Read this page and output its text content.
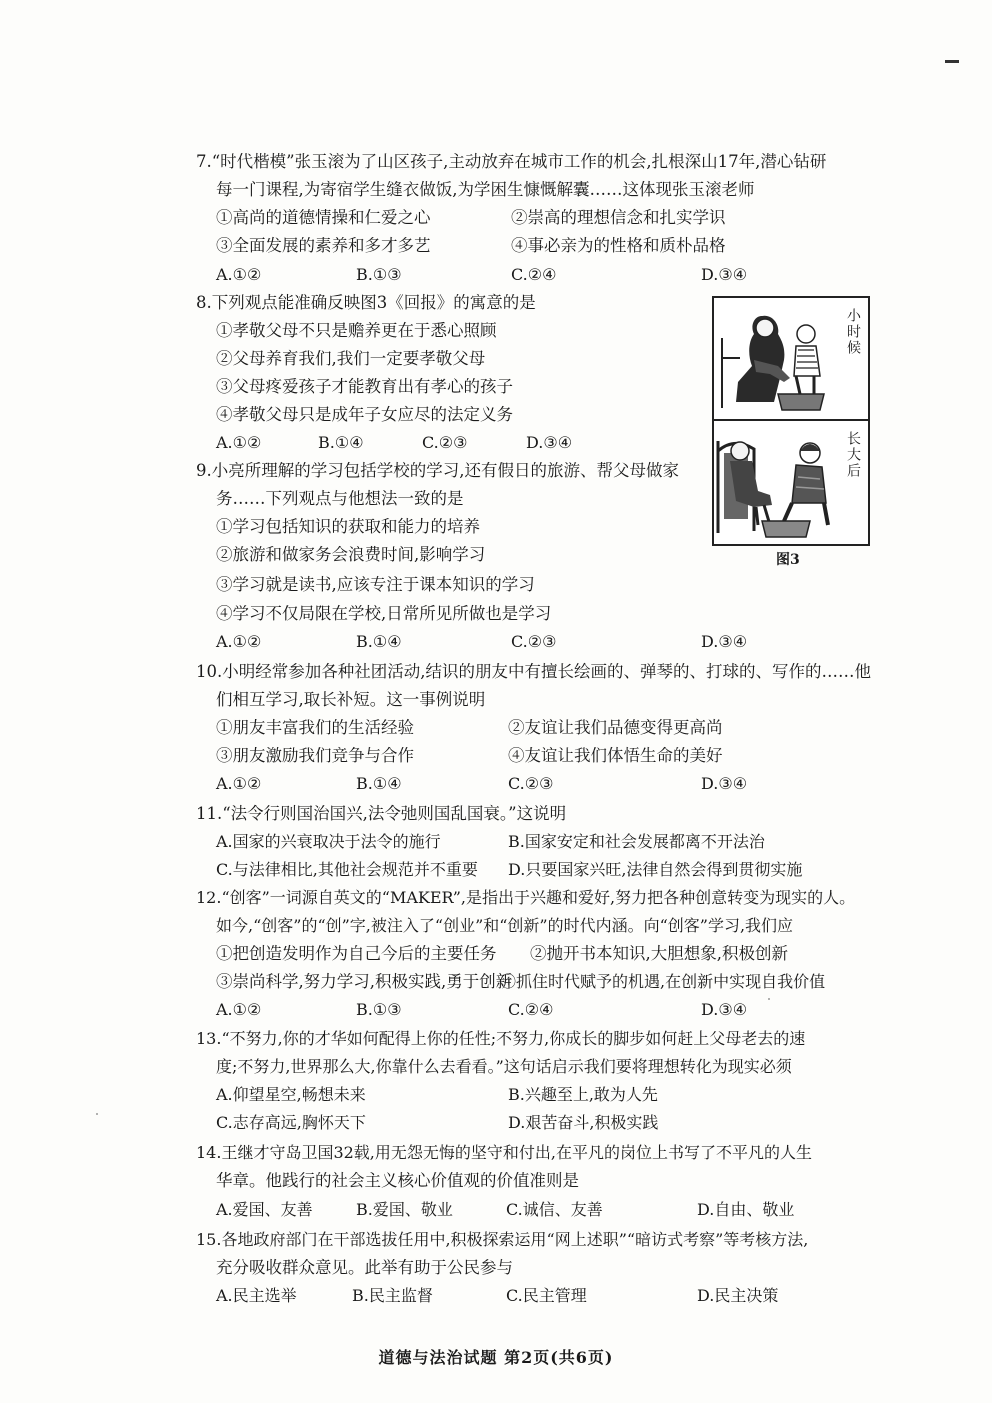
7.“时代楷模”张玉滚为了山区孩子,主动放弃在城市工作的机会,扎根深山17年,潜心钻研
每一门课程,为寄宿学生缝衣做饭,为学困生慷慨解囊……这体现张玉滚老师
①高尚的道德情操和仁爱之心	②崇高的理想信念和扎实学识
③全面发展的素养和多才多艺	④事必亲为的性格和质朴品格
A.①②	B.①③	C.②④	D.③④
8.下列观点能准确反映图3《回报》的寓意的是
①孝敬父母不只是赡养更在于悉心照顾
②父母养育我们,我们一定要孝敬父母
③父母疼爱孩子才能教育出有孝心的孩子
④孝敬父母只是成年子女应尽的法定义务
A.①②	B.①④	C.②③	D.③④
小时候
长大后
图3
9.小亮所理解的学习包括学校的学习,还有假日的旅游、帮父母做家
务……下列观点与他想法一致的是
①学习包括知识的获取和能力的培养
②旅游和做家务会浪费时间,影响学习
③学习就是读书,应该专注于课本知识的学习
④学习不仅局限在学校,日常所见所做也是学习
A.①②	B.①④	C.②③	D.③④
10.小明经常参加各种社团活动,结识的朋友中有擅长绘画的、弹琴的、打球的、写作的……他
们相互学习,取长补短。这一事例说明
①朋友丰富我们的生活经验	②友谊让我们品德变得更高尚
③朋友激励我们竞争与合作	④友谊让我们体悟生命的美好
A.①②	B.①④	C.②③	D.③④
11.“法令行则国治国兴,法令弛则国乱国衰。”这说明
A.国家的兴衰取决于法令的施行	B.国家安定和社会发展都离不开法治
C.与法律相比,其他社会规范并不重要 D.只要国家兴旺,法律自然会得到贯彻实施
12.“创客”一词源自英文的“MAKER”,是指出于兴趣和爱好,努力把各种创意转变为现实的人。
如今,“创客”的“创”字,被注入了“创业”和“创新”的时代内涵。向“创客”学习,我们应
①把创造发明作为自己今后的主要任务 ②抛开书本知识,大胆想象,积极创新
③崇尚科学,努力学习,积极实践,勇于创新
④抓住时代赋予的机遇,在创新中实现自我价值
A.①②	B.①③	C.②④	D.③④
13.“不努力,你的才华如何配得上你的任性;不努力,你成长的脚步如何赶上父母老去的速
度;不努力,世界那么大,你靠什么去看看。”这句话启示我们要将理想转化为现实必须
A.仰望星空,畅想未来	B.兴趣至上,敢为人先
C.志存高远,胸怀天下	D.艰苦奋斗,积极实践
14.王继才守岛卫国32载,用无怨无悔的坚守和付出,在平凡的岗位上书写了不平凡的人生
华章。他践行的社会主义核心价值观的价值准则是
A.爱国、友善	B.爱国、敬业	C.诚信、友善	D.自由、敬业
15.各地政府部门在干部选拔任用中,积极探索运用“网上述职”“暗访式考察”等考核方法,
充分吸收群众意见。此举有助于公民参与
A.民主选举	B.民主监督	C.民主管理	D.民主决策
道德与法治试题 第2页(共6页)
